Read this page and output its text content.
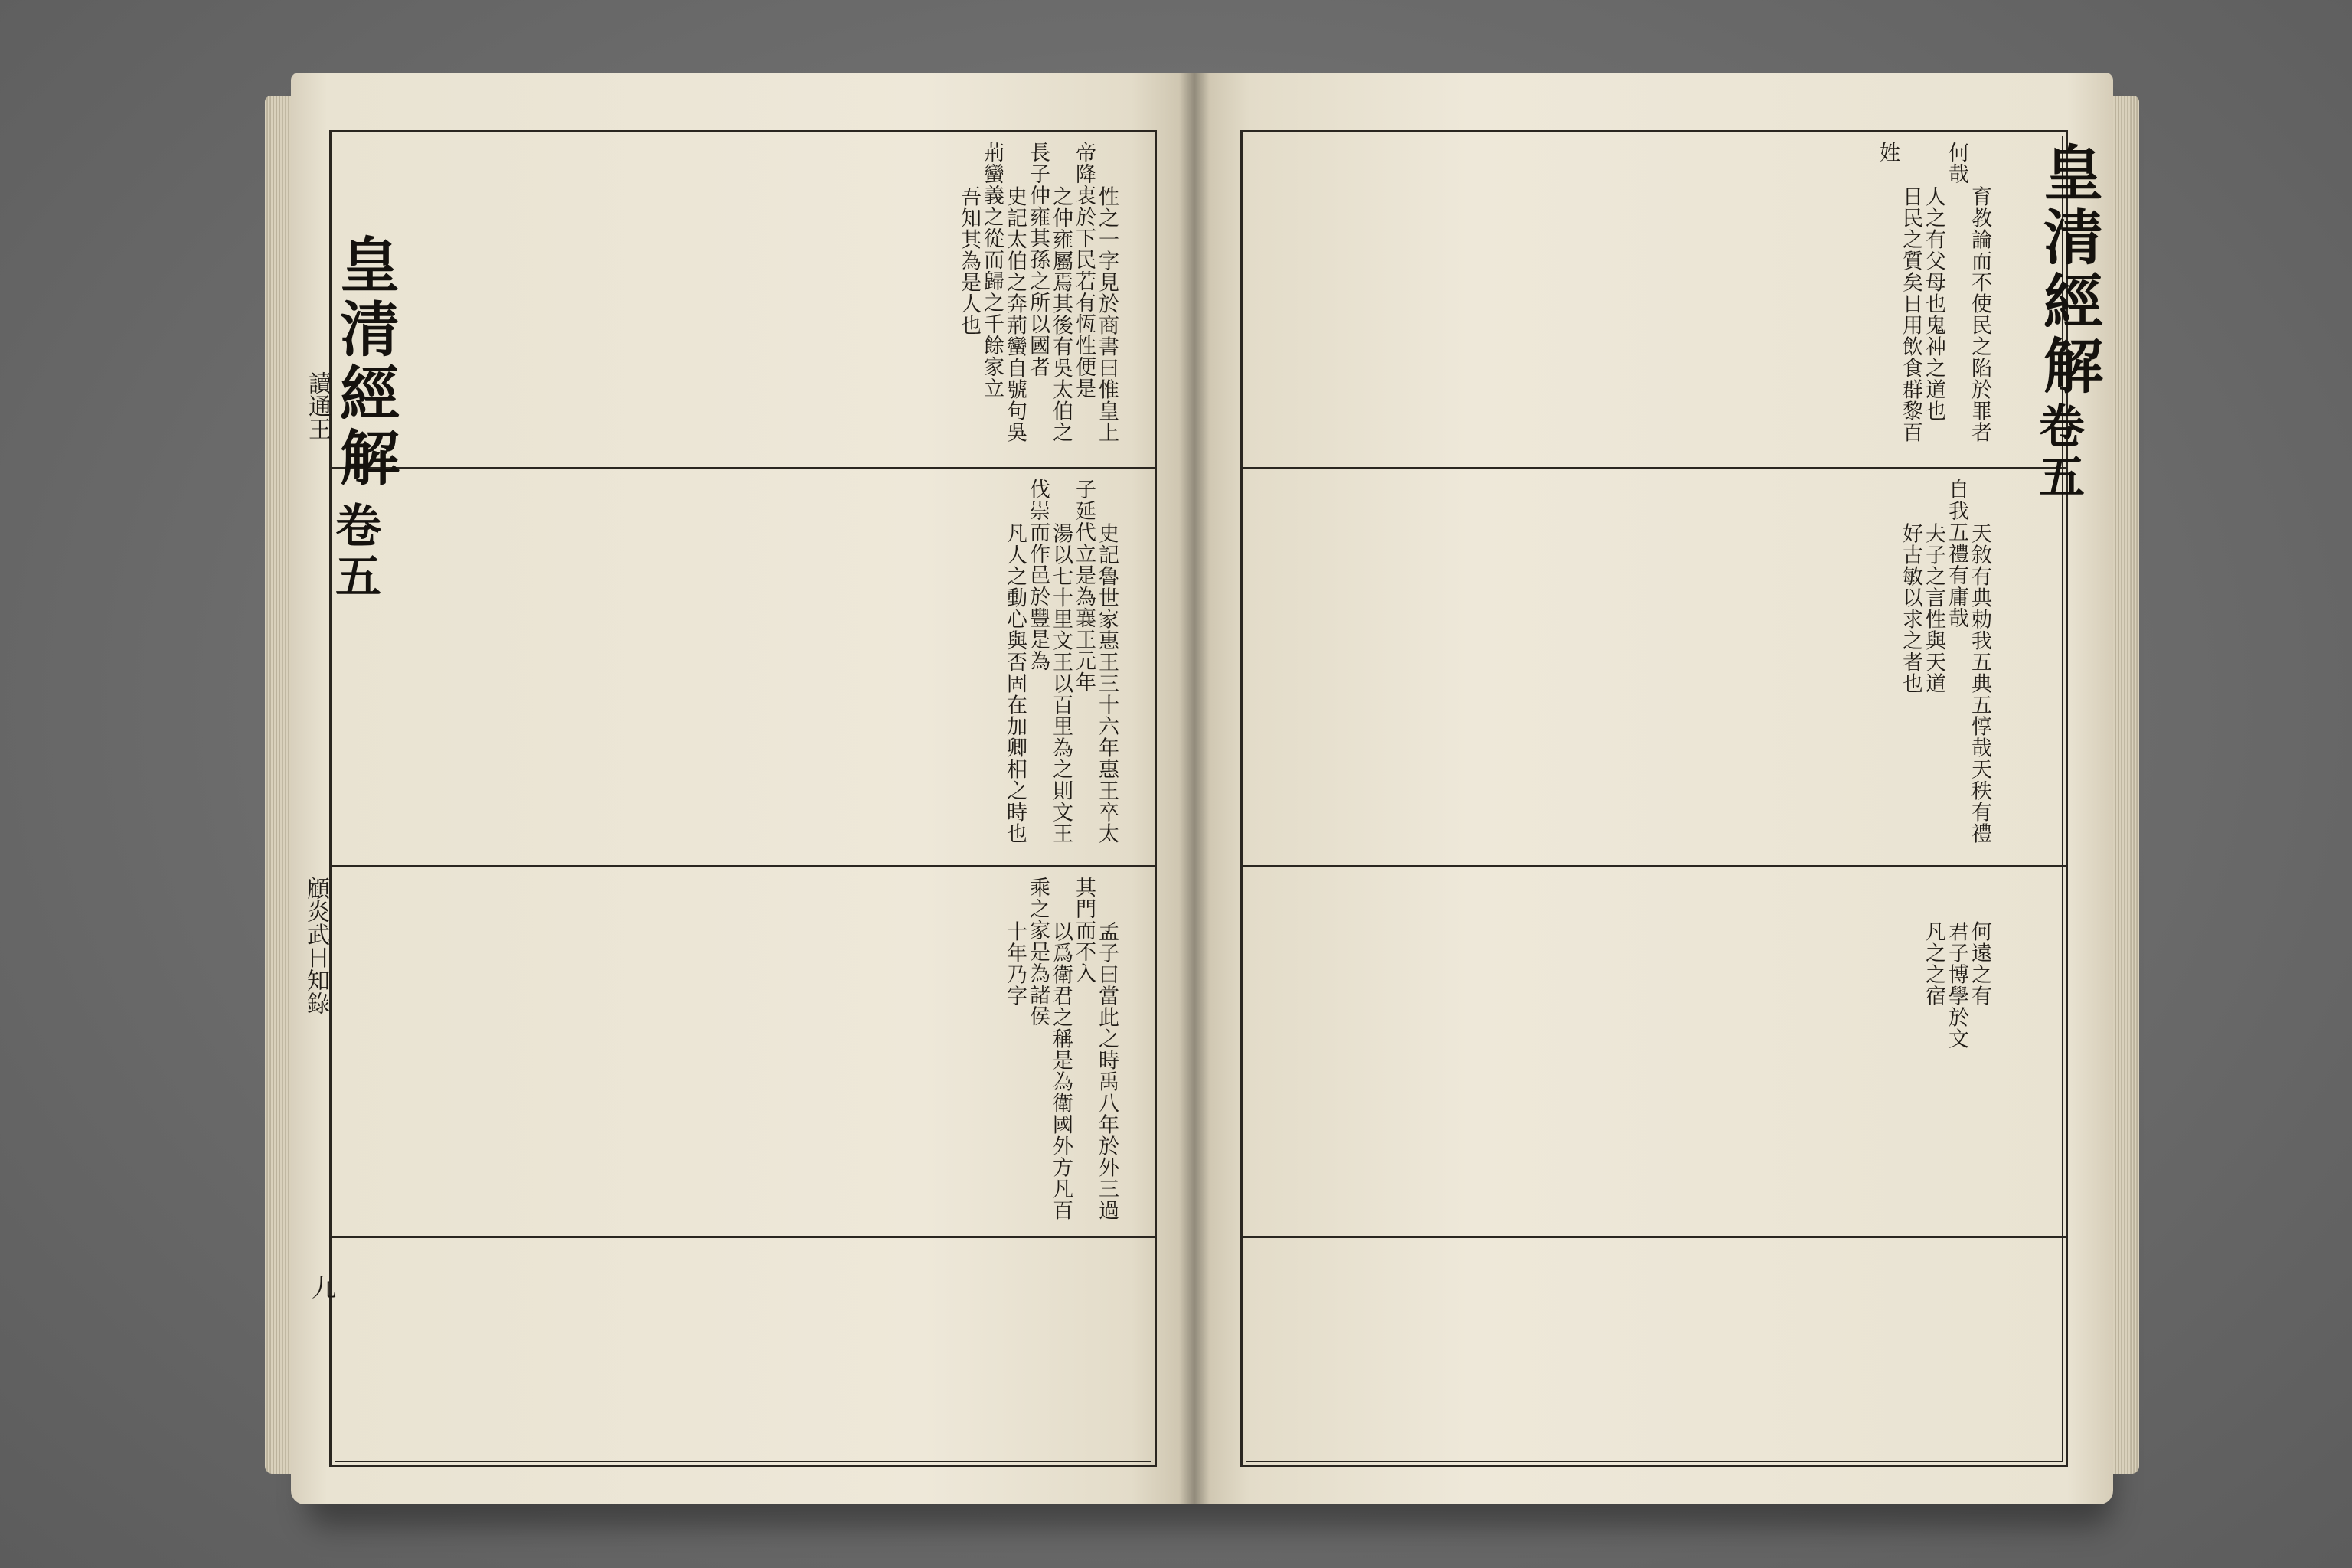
皇清經解
卷五
讀通王
顧炎武日知錄
九

性之一字見於商書曰惟皇上帝降衷於下民若有恆性便是
之仲雍屬焉其後有吳太伯之長子仲雍其孫之所以國者
史記太伯之奔荊蠻自號句吳荊蠻義之從而歸之千餘家立
吾知其為是人也

史記魯世家惠王三十六年惠王卒太子延代立是為襄王元年
湯以七十里文王以百里為之則文王伐崇而作邑於豐是為
凡人之動心與否固在加卿相之時也

孟子曰當此之時禹八年於外三過其門而不入
以爲衛君之稱是為衛國外方凡百乘之家是為諸侯
十年乃字

育教論而不使民之陷於罪者何哉
人之有父母也鬼神之道也
日民之質矣日用飲食群黎百姓

天敘有典勅我五典五惇哉天秩有禮自我五禮有庸哉
夫子之言性與天道
好古敏以求之者也

何遠之有
君子博學於文
凡之之宿

皇清經解
卷五
